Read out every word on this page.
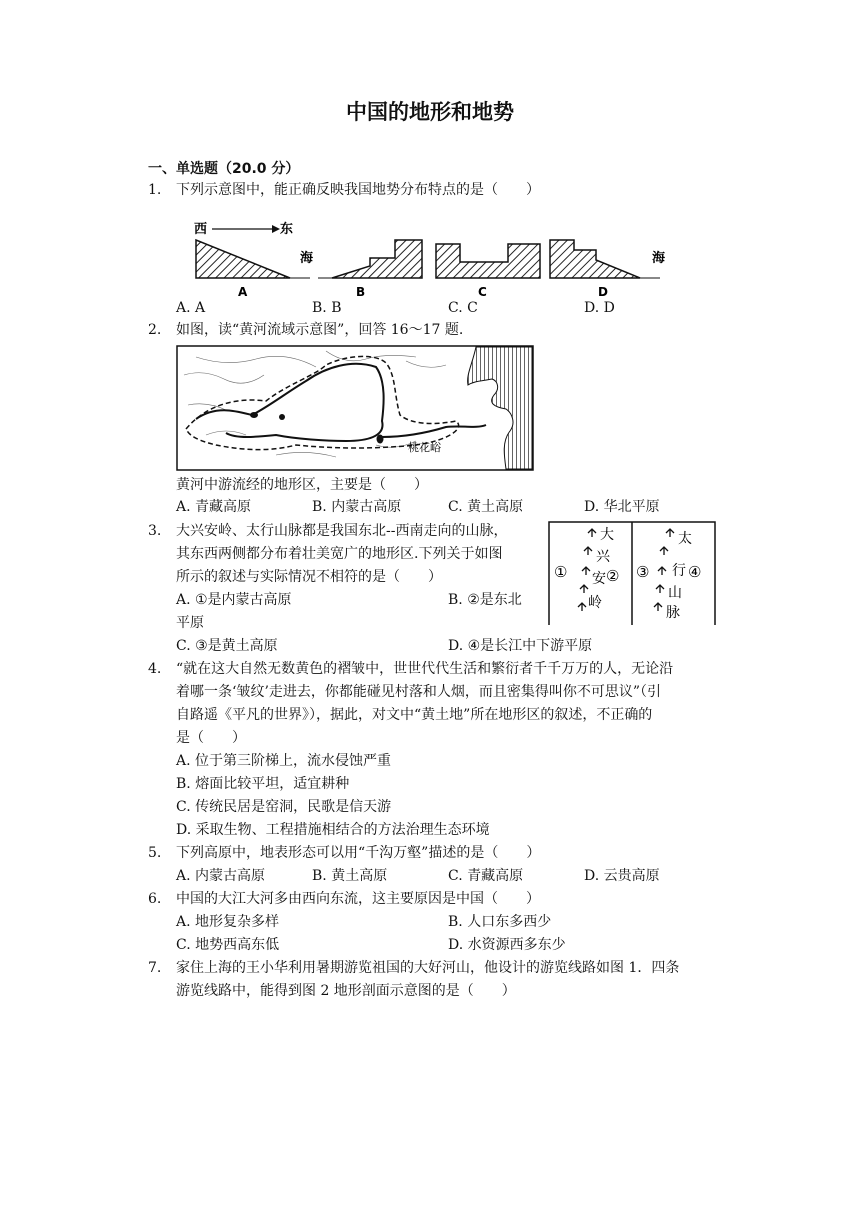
中国的地形和地势
一、单选题（20.0 分）
1. 下列示意图中，能正确反映我国地势分布特点的是（　　）
西	东
海
A	B	C
海
D
A. A	B. B	C. C	D. D
2. 如图，读“黄河流域示意图”，回答 16～17 题.
桃花峪
黄河中游流经的地形区，主要是（　　）
A. 青藏高原	B. 内蒙古高原	C. 黄土高原	D. 华北平原
3. 大兴安岭、太行山脉都是我国东北--西南走向的山脉，
其东西两侧都分布着壮美宽广的地形区.下列关于如图
所示的叙述与实际情况不相符的是（　　）	①
大
兴
安 ②
岭
③
太
行 ④
山
脉
A. ①是内蒙古高原	B. ②是东北
平原
C. ③是黄土高原	D. ④是长江中下游平原
4. “就在这大自然无数黄色的褶皱中，世世代代生活和繁衍者千千万万的人，无论沿
着哪一条‘皱纹’走进去，你都能碰见村落和人烟，而且密集得叫你不可思议”（引
自路遥《平凡的世界》），据此，对文中“黄土地”所在地形区的叙述，不正确的
是（　　）
A. 位于第三阶梯上，流水侵蚀严重
B. 熔面比较平坦，适宜耕种
C. 传统民居是窑洞，民歌是信天游
D. 采取生物、工程措施相结合的方法治理生态环境
5. 下列高原中，地表形态可以用“千沟万壑”描述的是（　　）
A. 内蒙古高原	B. 黄土高原	C. 青藏高原	D. 云贵高原
6. 中国的大江大河多由西向东流，这主要原因是中国（　　）
A. 地形复杂多样	B. 人口东多西少
C. 地势西高东低	D. 水资源西多东少
7. 家住上海的王小华利用暑期游览祖国的大好河山，他设计的游览线路如图 1．四条
游览线路中，能得到图 2 地形剖面示意图的是（　　）
